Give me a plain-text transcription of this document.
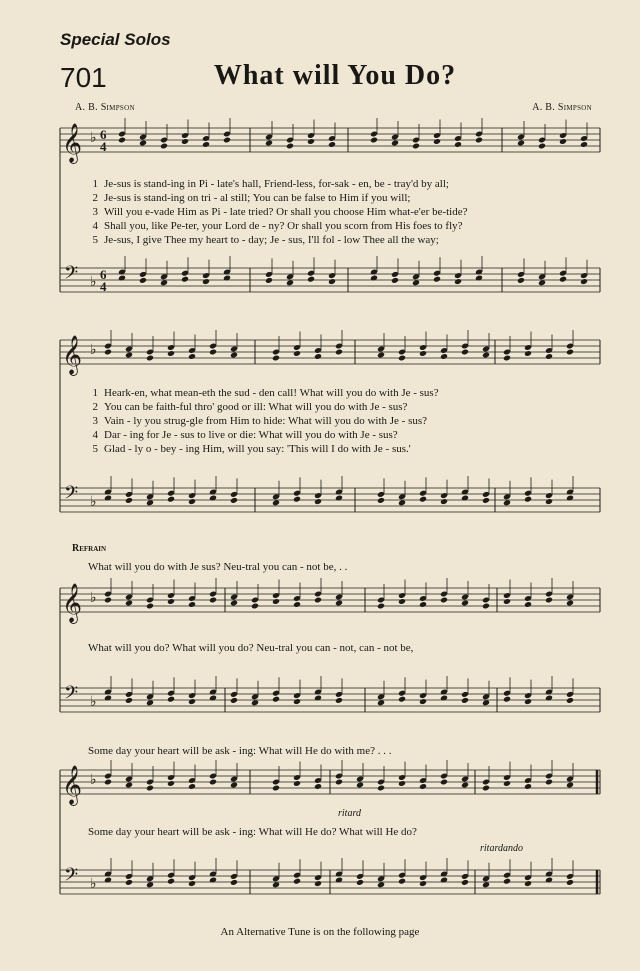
Special Solos
701	What will You Do?
A. B. Simpson	A. B. Simpson
𝄞
𝄢
♭
♭
6
4
6
4
𝄞
𝄢
♭
♭
𝄞
𝄢
♭
♭
𝄞
𝄢
♭
♭
1 Je-sus is stand-ing in Pi - late's hall, Friend-less, for-sak - en, be - tray'd by all;
2 Je-sus is stand-ing on tri - al still; You can be false to Him if you will;
3 Will you e-vade Him as Pi - late tried? Or shall you choose Him what-e'er be-tide?
4 Shall you, like Pe-ter, your Lord de - ny? Or shall you scorn from His foes to fly?
5 Je-sus, I give Thee my heart to - day; Je - sus, I'll fol - low Thee all the way;
1 Heark-en, what mean-eth the sud - den call! What will you do with Je - sus?
2 You can be faith-ful thro' good or ill: What will you do with Je - sus?
3 Vain - ly you strug-gle from Him to hide: What will you do with Je - sus?
4 Dar - ing for Je - sus to live or die: What will you do with Je - sus?
5 Glad - ly o - bey - ing Him, will you say: 'This will I do with Je - sus.'
Refrain
What will you do with Je sus? Neu-tral you can - not be, . .
What will you do? What will you do? Neu-tral you can - not, can - not be,
Some day your heart will be ask - ing: What will He do with me? . . .
ritard
Some day your heart will be ask - ing: What will He do? What will He do?
ritardando
An Alternative Tune is on the following page
